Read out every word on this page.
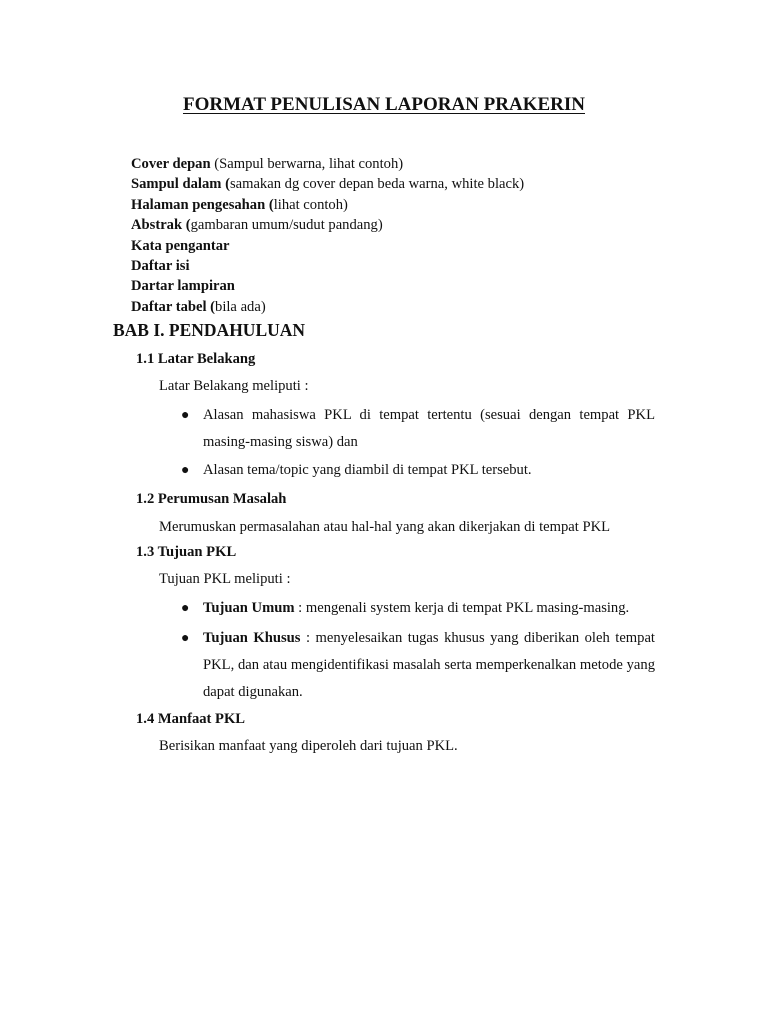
FORMAT PENULISAN LAPORAN PRAKERIN
Cover depan (Sampul berwarna, lihat contoh)
Sampul dalam (samakan dg cover depan beda warna, white black)
Halaman pengesahan (lihat contoh)
Abstrak (gambaran umum/sudut pandang)
Kata pengantar
Daftar isi
Dartar lampiran
Daftar tabel (bila ada)
BAB I. PENDAHULUAN
1.1 Latar Belakang
Latar Belakang meliputi :
● Alasan mahasiswa PKL di tempat tertentu (sesuai dengan tempat PKL masing-masing siswa) dan
● Alasan tema/topic yang diambil di tempat PKL tersebut.
1.2 Perumusan Masalah
Merumuskan permasalahan atau hal-hal yang akan dikerjakan di tempat PKL
1.3 Tujuan PKL
Tujuan PKL meliputi :
● Tujuan Umum : mengenali system kerja di tempat PKL masing-masing.
● Tujuan Khusus : menyelesaikan tugas khusus yang diberikan oleh tempat PKL, dan atau mengidentifikasi masalah serta memperkenalkan metode yang dapat digunakan.
1.4 Manfaat PKL
Berisikan manfaat yang diperoleh dari tujuan PKL.
